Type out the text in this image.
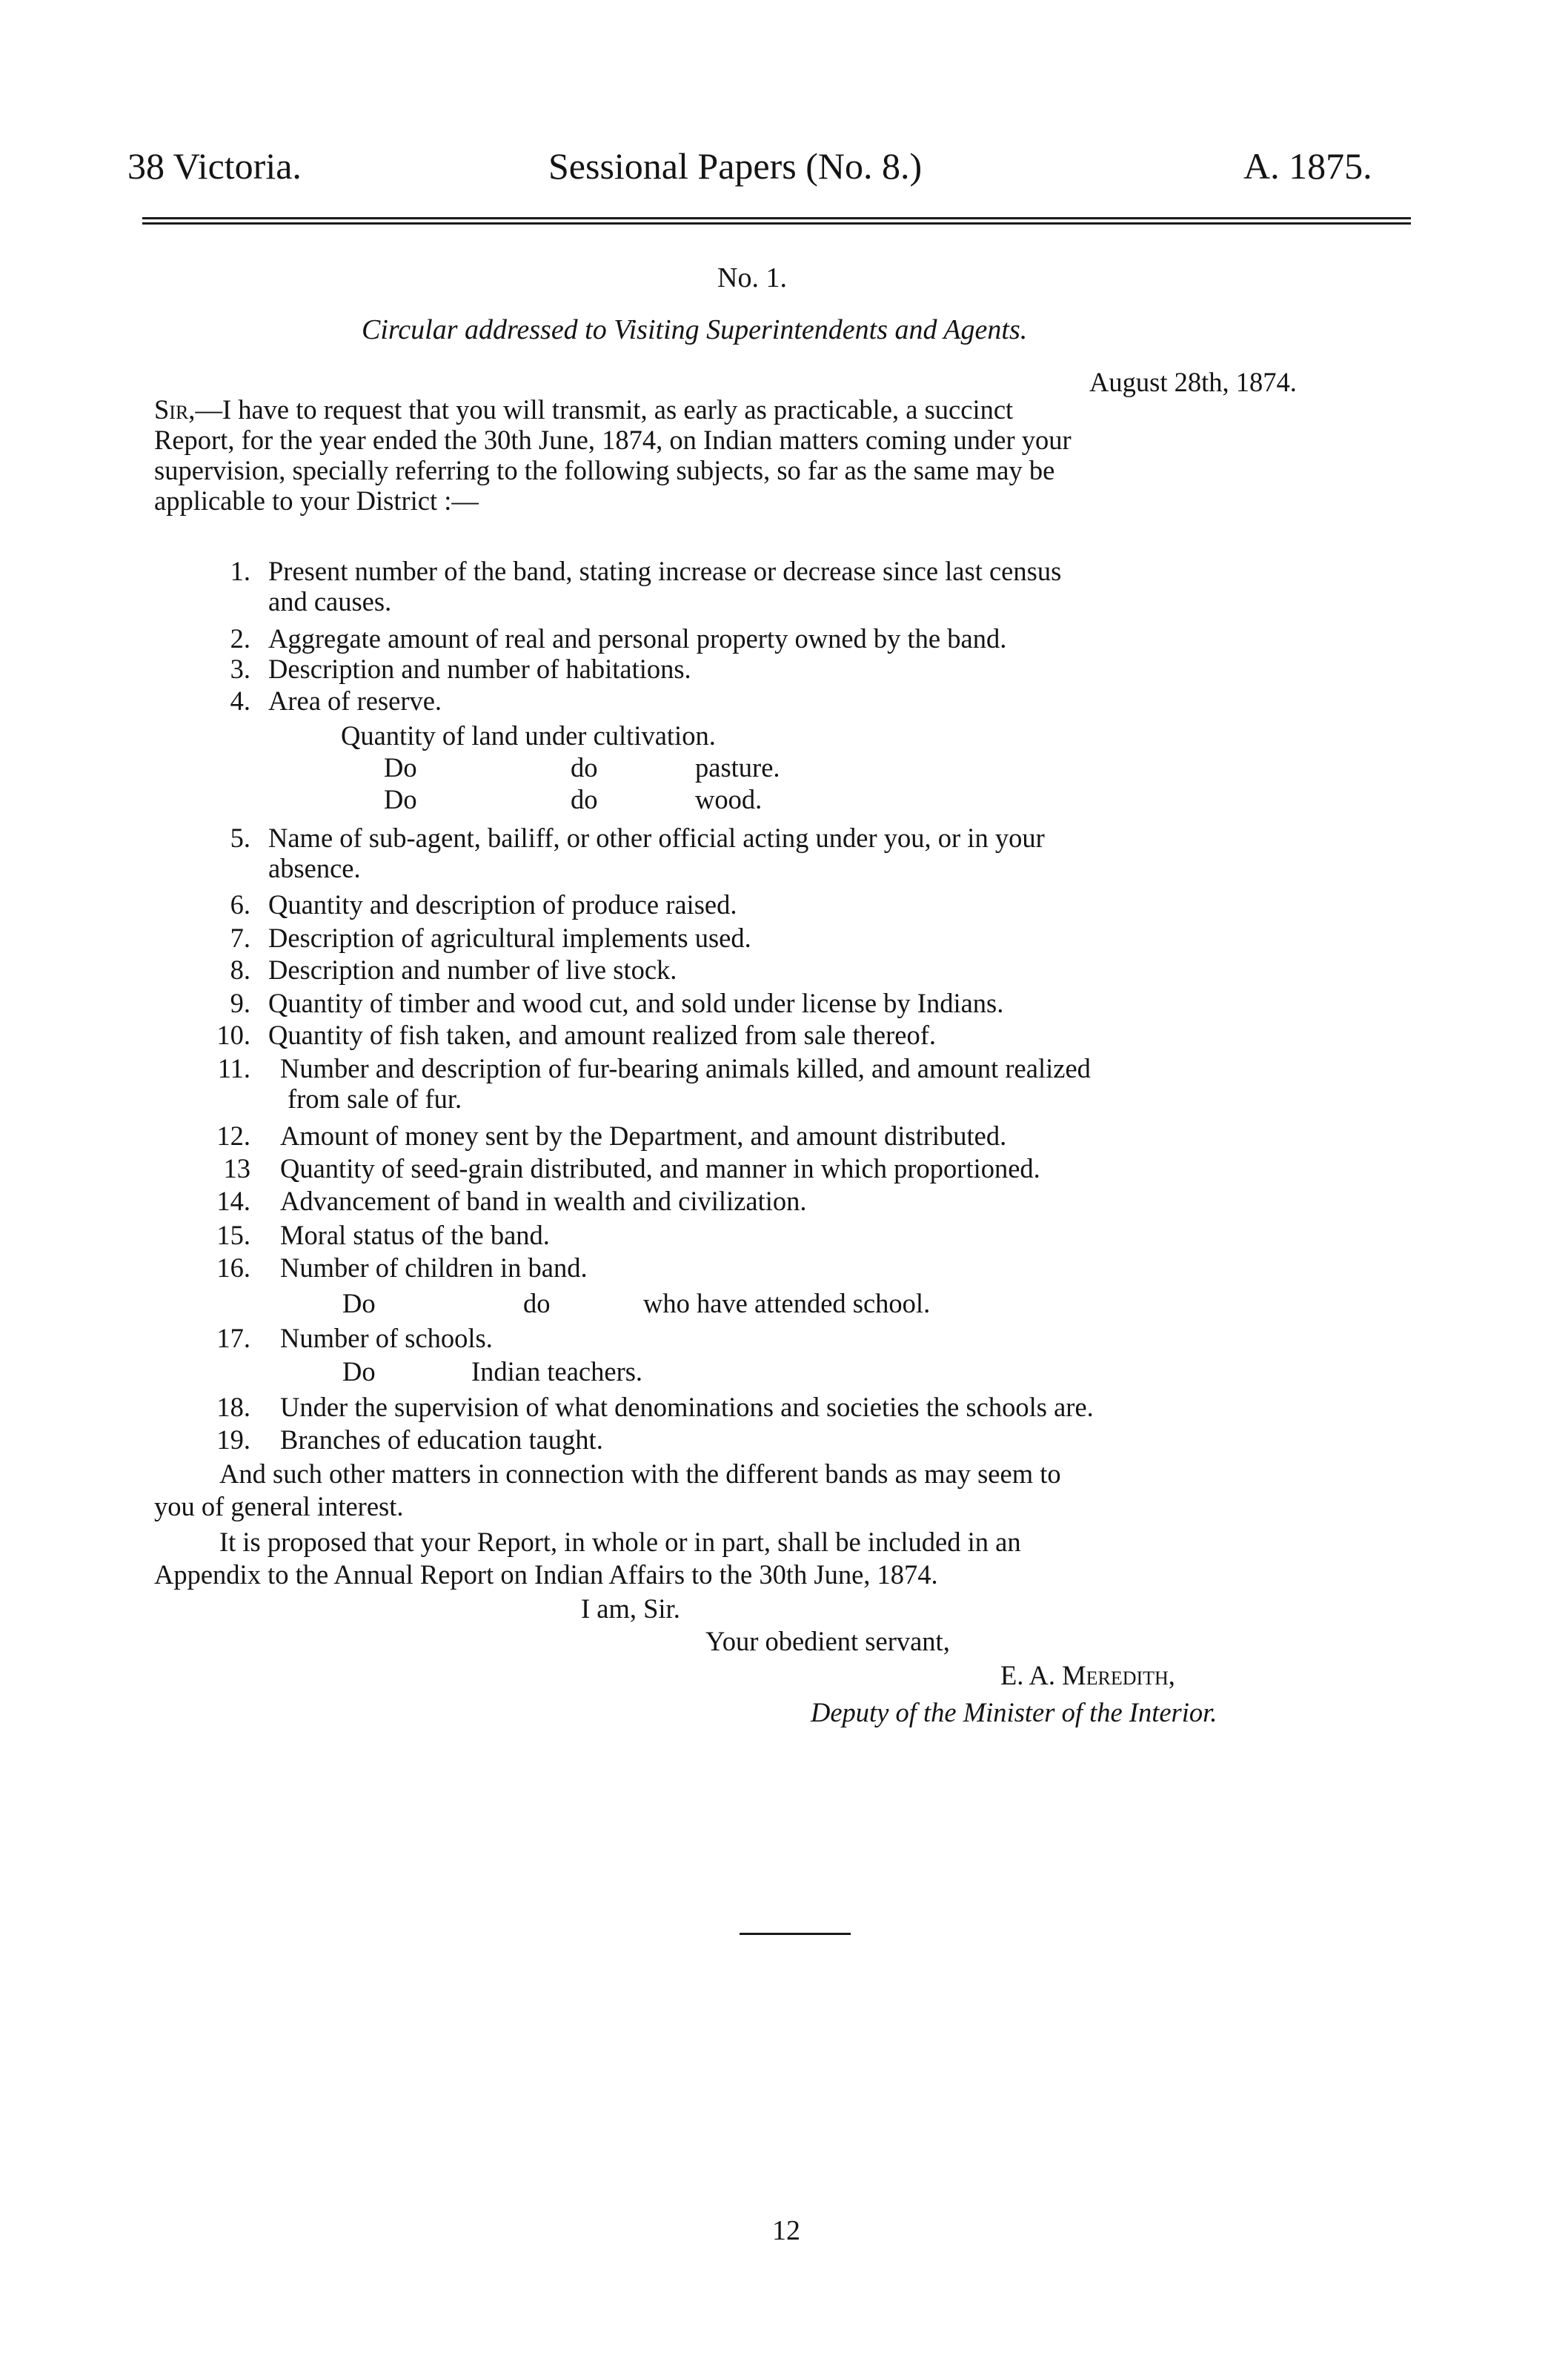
38 Victoria.	Sessional Papers (No. 8.)	A. 1875.
No. 1.
Circular addressed to Visiting Superintendents and Agents.
August 28th, 1874.
Sir,—I have to request that you will transmit, as early as practicable, a succinct
Report, for the year ended the 30th June, 1874, on Indian matters coming under your
supervision, specially referring to the following subjects, so far as the same may be
applicable to your District :—
1. Present number of the band, stating increase or decrease since last census
and causes.
2. Aggregate amount of real and personal property owned by the band.
3. Description and number of habitations.
4. Area of reserve.
Quantity of land under cultivation.
Do	do	pasture.
Do	do	wood.
5. Name of sub-agent, bailiff, or other official acting under you, or in your
absence.
6. Quantity and description of produce raised.
7. Description of agricultural implements used.
8. Description and number of live stock.
9. Quantity of timber and wood cut, and sold under license by Indians.
10. Quantity of fish taken, and amount realized from sale thereof.
11. Number and description of fur-bearing animals killed, and amount realized
from sale of fur.
12. Amount of money sent by the Department, and amount distributed.
13 Quantity of seed-grain distributed, and manner in which proportioned.
14. Advancement of band in wealth and civilization.
15. Moral status of the band.
16. Number of children in band.
Do	do	who have attended school.
17. Number of schools.
Do	Indian teachers.
18. Under the supervision of what denominations and societies the schools are.
19. Branches of education taught.
And such other matters in connection with the different bands as may seem to
you of general interest.
It is proposed that your Report, in whole or in part, shall be included in an
Appendix to the Annual Report on Indian Affairs to the 30th June, 1874.
I am, Sir.
Your obedient servant,
E. A. Meredith,
Deputy of the Minister of the Interior.
12
